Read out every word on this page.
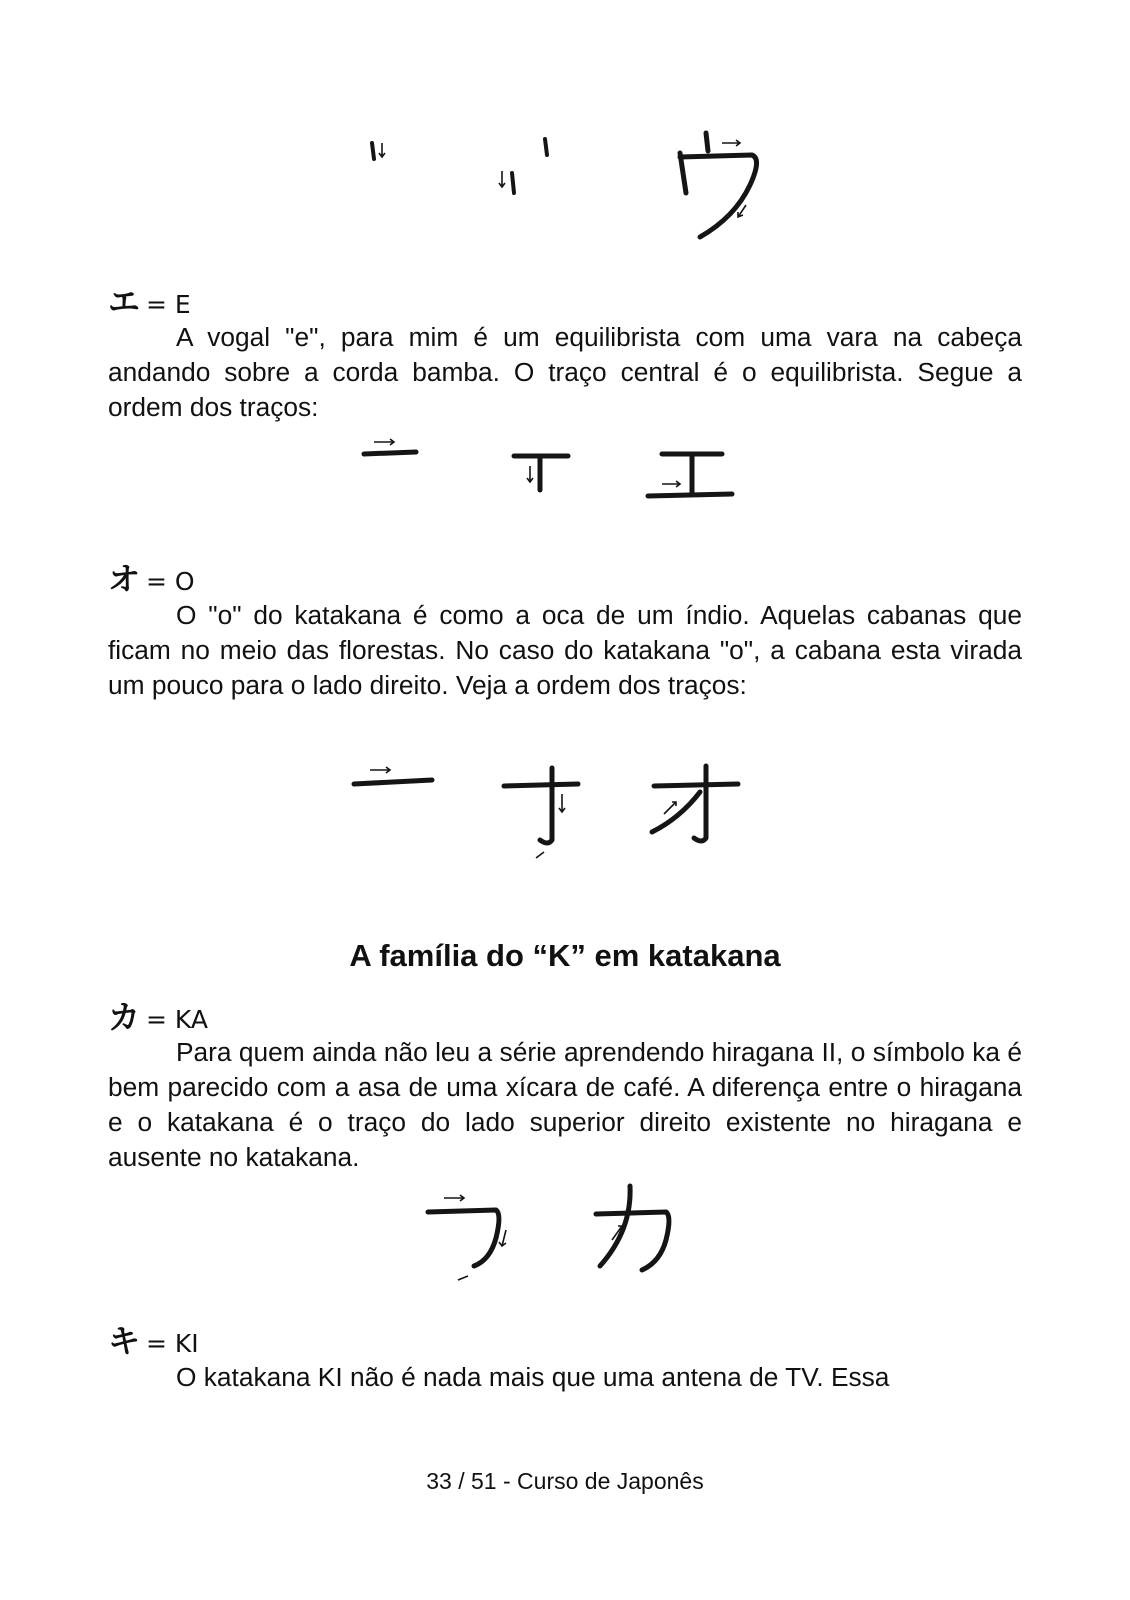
エ = E

A vogal "e", para mim é um equilibrista com uma vara na cabeça andando sobre a corda bamba. O traço central é o equilibrista. Segue a ordem dos traços:

オ = O

O "o" do katakana é como a oca de um índio. Aquelas cabanas que ficam no meio das florestas. No caso do katakana "o", a cabana esta virada um pouco para o lado direito. Veja a ordem dos traços:

A família do “K” em katakana
カ = KA

Para quem ainda não leu a série aprendendo hiragana II, o símbolo ka é bem parecido com a asa de uma xícara de café. A diferença entre o hiragana e o katakana é o traço do lado superior direito existente no hiragana e ausente no katakana.

キ = KI

O katakana KI não é nada mais que uma antena de TV. Essa

33 / 51 - Curso de Japonês
